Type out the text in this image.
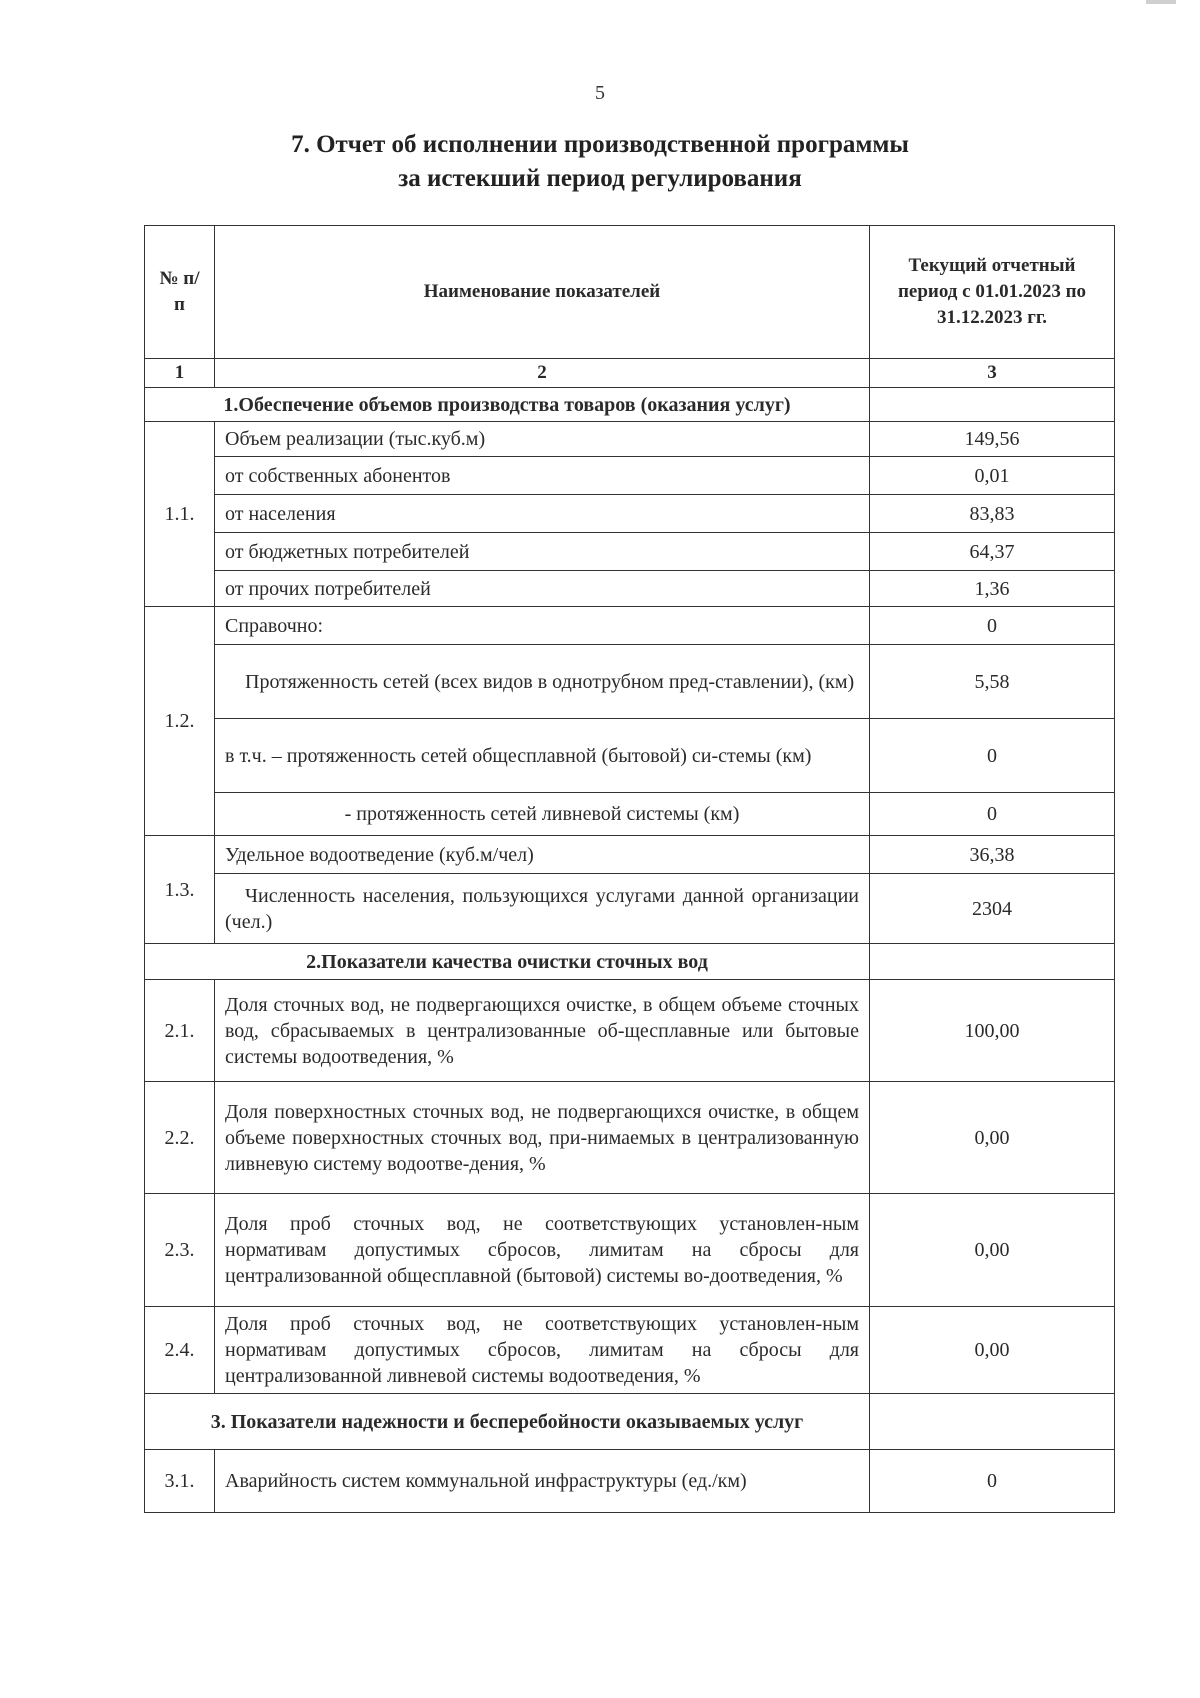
5
7. Отчет об исполнении производственной программы
за истекший период регулирования
№ п/п	Наименование показателей	Текущий отчетный период с 01.01.2023 по 31.12.2023 гг.
1	2	3
1.Обеспечение объемов производства товаров (оказания услуг)		
1.1.	Объем реализации (тыс.куб.м)	149,56
	от собственных абонентов	0,01
	от населения	83,83
	от бюджетных потребителей	64,37
	от прочих потребителей	1,36
1.2.	Справочно:	0
	Протяженность сетей (всех видов в однотрубном пред-ставлении), (км)	5,58
	в т.ч. – протяженность сетей общесплавной (бытовой) си-стемы (км)	0
	- протяженность сетей ливневой системы (км)	0
1.3.	Удельное водоотведение (куб.м/чел)	36,38
	Численность населения, пользующихся услугами данной организации (чел.)	2304
2.Показатели качества очистки сточных вод		
2.1.	Доля сточных вод, не подвергающихся очистке, в общем объеме сточных вод, сбрасываемых в централизованные об-щесплавные или бытовые системы водоотведения, %	100,00
2.2.	Доля поверхностных сточных вод, не подвергающихся очистке, в общем объеме поверхностных сточных вод, при-нимаемых в централизованную ливневую систему водоотве-дения, %	0,00
2.3.	Доля проб сточных вод, не соответствующих установлен-ным нормативам допустимых сбросов, лимитам на сбросы для централизованной общесплавной (бытовой) системы во-доотведения, %	0,00
2.4.	Доля проб сточных вод, не соответствующих установлен-ным нормативам допустимых сбросов, лимитам на сбросы для централизованной ливневой системы водоотведения, %	0,00
3. Показатели надежности и бесперебойности оказываемых услуг		
3.1.	Аварийность систем коммунальной инфраструктуры (ед./км)	0
